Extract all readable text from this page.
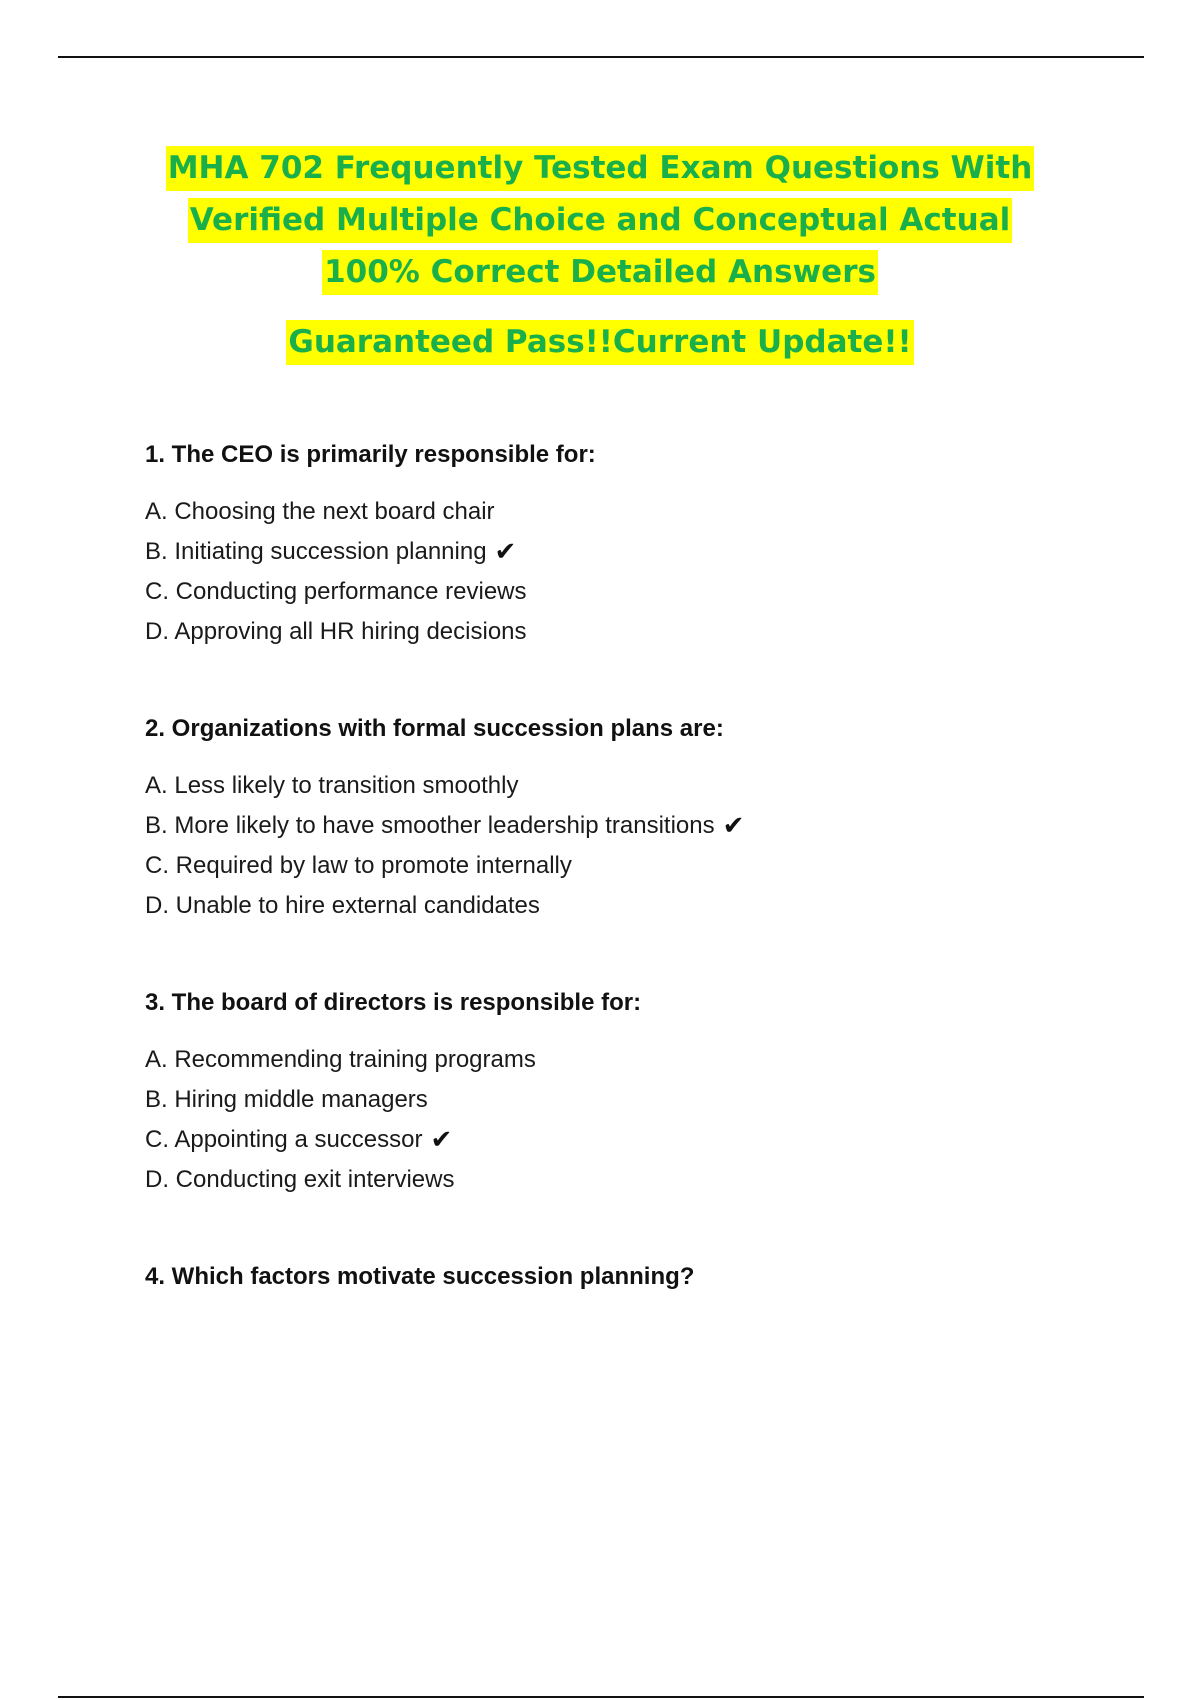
MHA 702 Frequently Tested Exam Questions With
Verified Multiple Choice and Conceptual Actual
100% Correct Detailed Answers
Guaranteed Pass!!Current Update!!
1. The CEO is primarily responsible for:
A. Choosing the next board chair
B. Initiating succession planning ✔
C. Conducting performance reviews
D. Approving all HR hiring decisions
2. Organizations with formal succession plans are:
A. Less likely to transition smoothly
B. More likely to have smoother leadership transitions ✔
C. Required by law to promote internally
D. Unable to hire external candidates
3. The board of directors is responsible for:
A. Recommending training programs
B. Hiring middle managers
C. Appointing a successor ✔
D. Conducting exit interviews
4. Which factors motivate succession planning?
